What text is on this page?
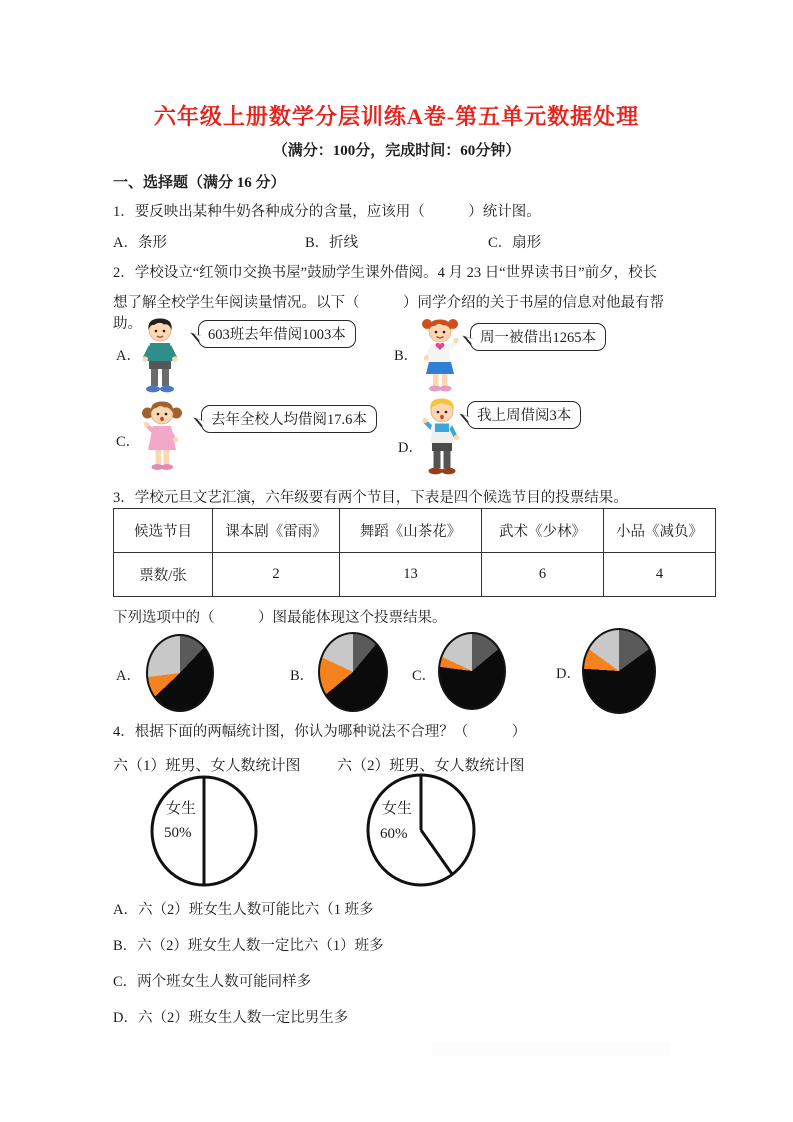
六年级上册数学分层训练A卷-第五单元数据处理
（满分：100分，完成时间：60分钟）
一、选择题（满分 16 分）
1．要反映出某种牛奶各种成分的含量，应该用（　　　）统计图。
A．条形	B．折线	C．扇形
2．学校设立“红领巾交换书屋”鼓励学生课外借阅。4 月 23 日“世界读书日”前夕，校长
想了解全校学生年阅读量情况。以下（　　　）同学介绍的关于书屋的信息对他最有帮助。
A．
603班去年借阅1003本
B．
周一被借出1265本
C．
去年全校人均借阅17.6本
D．
我上周借阅3本
3．学校元旦文艺汇演，六年级要有两个节目，下表是四个候选节目的投票结果。
候选节目	课本剧《雷雨》	舞蹈《山茶花》	武术《少林》	小品《减负》
票数/张	2	13	6	4
下列选项中的（　　　）图最能体现这个投票结果。
A．	B．	C．	D．
4．根据下面的两幅统计图，你认为哪种说法不合理？（　　　）
六（1）班男、女人数统计图 六（2）班男、女人数统计图
女生
50%
女生
60%
A．六（2）班女生人数可能比六（1 班多
B．六（2）班女生人数一定比六（1）班多
C．两个班女生人数可能同样多
D．六（2）班女生人数一定比男生多
